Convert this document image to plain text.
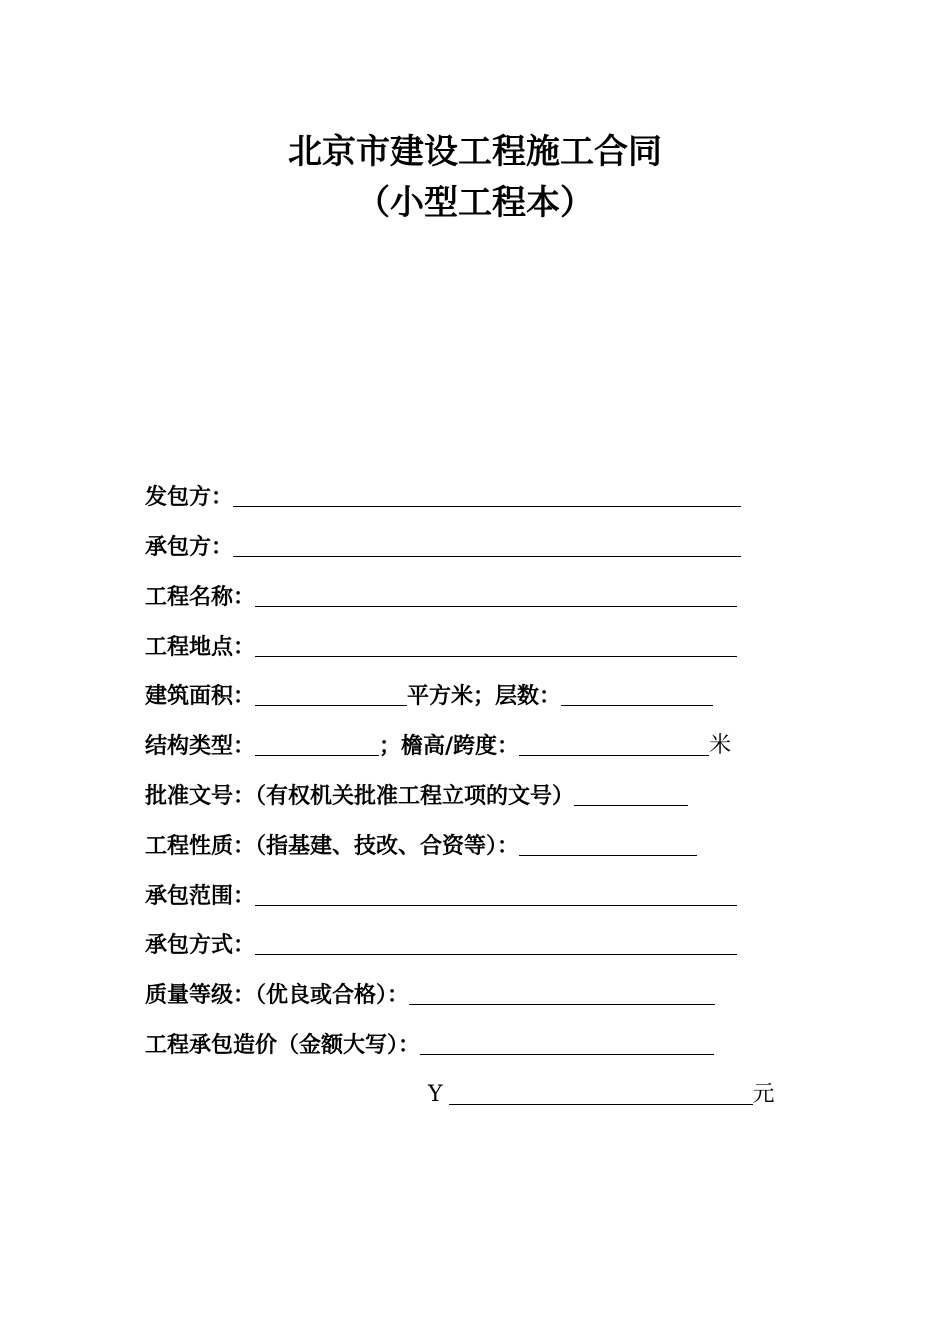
北京市建设工程施工合同
（小型工程本）
发包方：
承包方：
工程名称：
工程地点：
建筑面积：	平方米；层数：
结构类型：	；檐高/跨度：	米
批准文号：（有权机关批准工程立项的文号）
工程性质：（指基建、技改、合资等）：
承包范围：
承包方式：
质量等级：（优良或合格）：
工程承包造价（金额大写）：
Y	元
